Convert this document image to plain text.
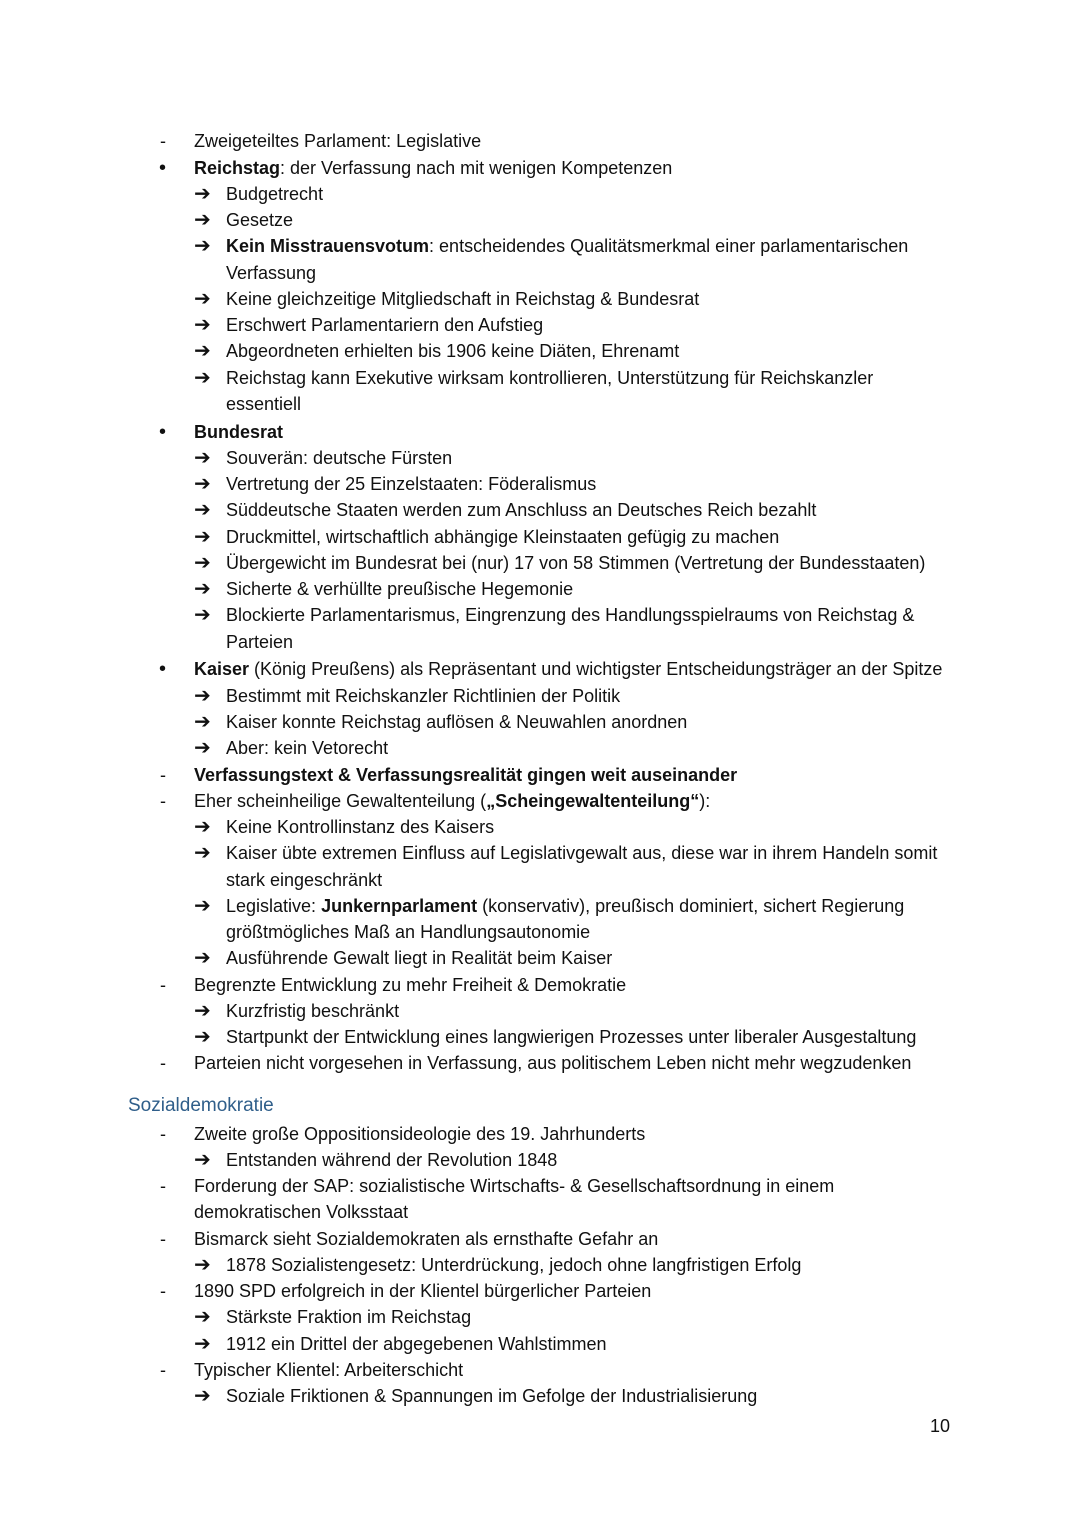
- Zweigeteiltes Parlament: Legislative
• Reichstag: der Verfassung nach mit wenigen Kompetenzen
➔ Budgetrecht
➔ Gesetze
➔ Kein Misstrauensvotum: entscheidendes Qualitätsmerkmal einer parlamentarischen
Verfassung
➔ Keine gleichzeitige Mitgliedschaft in Reichstag & Bundesrat
➔ Erschwert Parlamentariern den Aufstieg
➔ Abgeordneten erhielten bis 1906 keine Diäten, Ehrenamt
➔ Reichstag kann Exekutive wirksam kontrollieren, Unterstützung für Reichskanzler
essentiell
• Bundesrat
➔ Souverän: deutsche Fürsten
➔ Vertretung der 25 Einzelstaaten: Föderalismus
➔ Süddeutsche Staaten werden zum Anschluss an Deutsches Reich bezahlt
➔ Druckmittel, wirtschaftlich abhängige Kleinstaaten gefügig zu machen
➔ Übergewicht im Bundesrat bei (nur) 17 von 58 Stimmen (Vertretung der Bundesstaaten)
➔ Sicherte & verhüllte preußische Hegemonie
➔ Blockierte Parlamentarismus, Eingrenzung des Handlungsspielraums von Reichstag &
Parteien
• Kaiser (König Preußens) als Repräsentant und wichtigster Entscheidungsträger an der Spitze
➔ Bestimmt mit Reichskanzler Richtlinien der Politik
➔ Kaiser konnte Reichstag auflösen & Neuwahlen anordnen
➔ Aber: kein Vetorecht
- Verfassungstext & Verfassungsrealität gingen weit auseinander
- Eher scheinheilige Gewaltenteilung („Scheingewaltenteilung“):
➔ Keine Kontrollinstanz des Kaisers
➔ Kaiser übte extremen Einfluss auf Legislativgewalt aus, diese war in ihrem Handeln somit
stark eingeschränkt
➔ Legislative: Junkernparlament (konservativ), preußisch dominiert, sichert Regierung
größtmögliches Maß an Handlungsautonomie
➔ Ausführende Gewalt liegt in Realität beim Kaiser
- Begrenzte Entwicklung zu mehr Freiheit & Demokratie
➔ Kurzfristig beschränkt
➔ Startpunkt der Entwicklung eines langwierigen Prozesses unter liberaler Ausgestaltung
- Parteien nicht vorgesehen in Verfassung, aus politischem Leben nicht mehr wegzudenken
- Zweite große Oppositionsideologie des 19. Jahrhunderts
➔ Entstanden während der Revolution 1848
- Forderung der SAP: sozialistische Wirtschafts- & Gesellschaftsordnung in einem
demokratischen Volksstaat
- Bismarck sieht Sozialdemokraten als ernsthafte Gefahr an
➔ 1878 Sozialistengesetz: Unterdrückung, jedoch ohne langfristigen Erfolg
- 1890 SPD erfolgreich in der Klientel bürgerlicher Parteien
➔ Stärkste Fraktion im Reichstag
➔ 1912 ein Drittel der abgegebenen Wahlstimmen
- Typischer Klientel: Arbeiterschicht
➔ Soziale Friktionen & Spannungen im Gefolge der Industrialisierung
Sozialdemokratie
10
